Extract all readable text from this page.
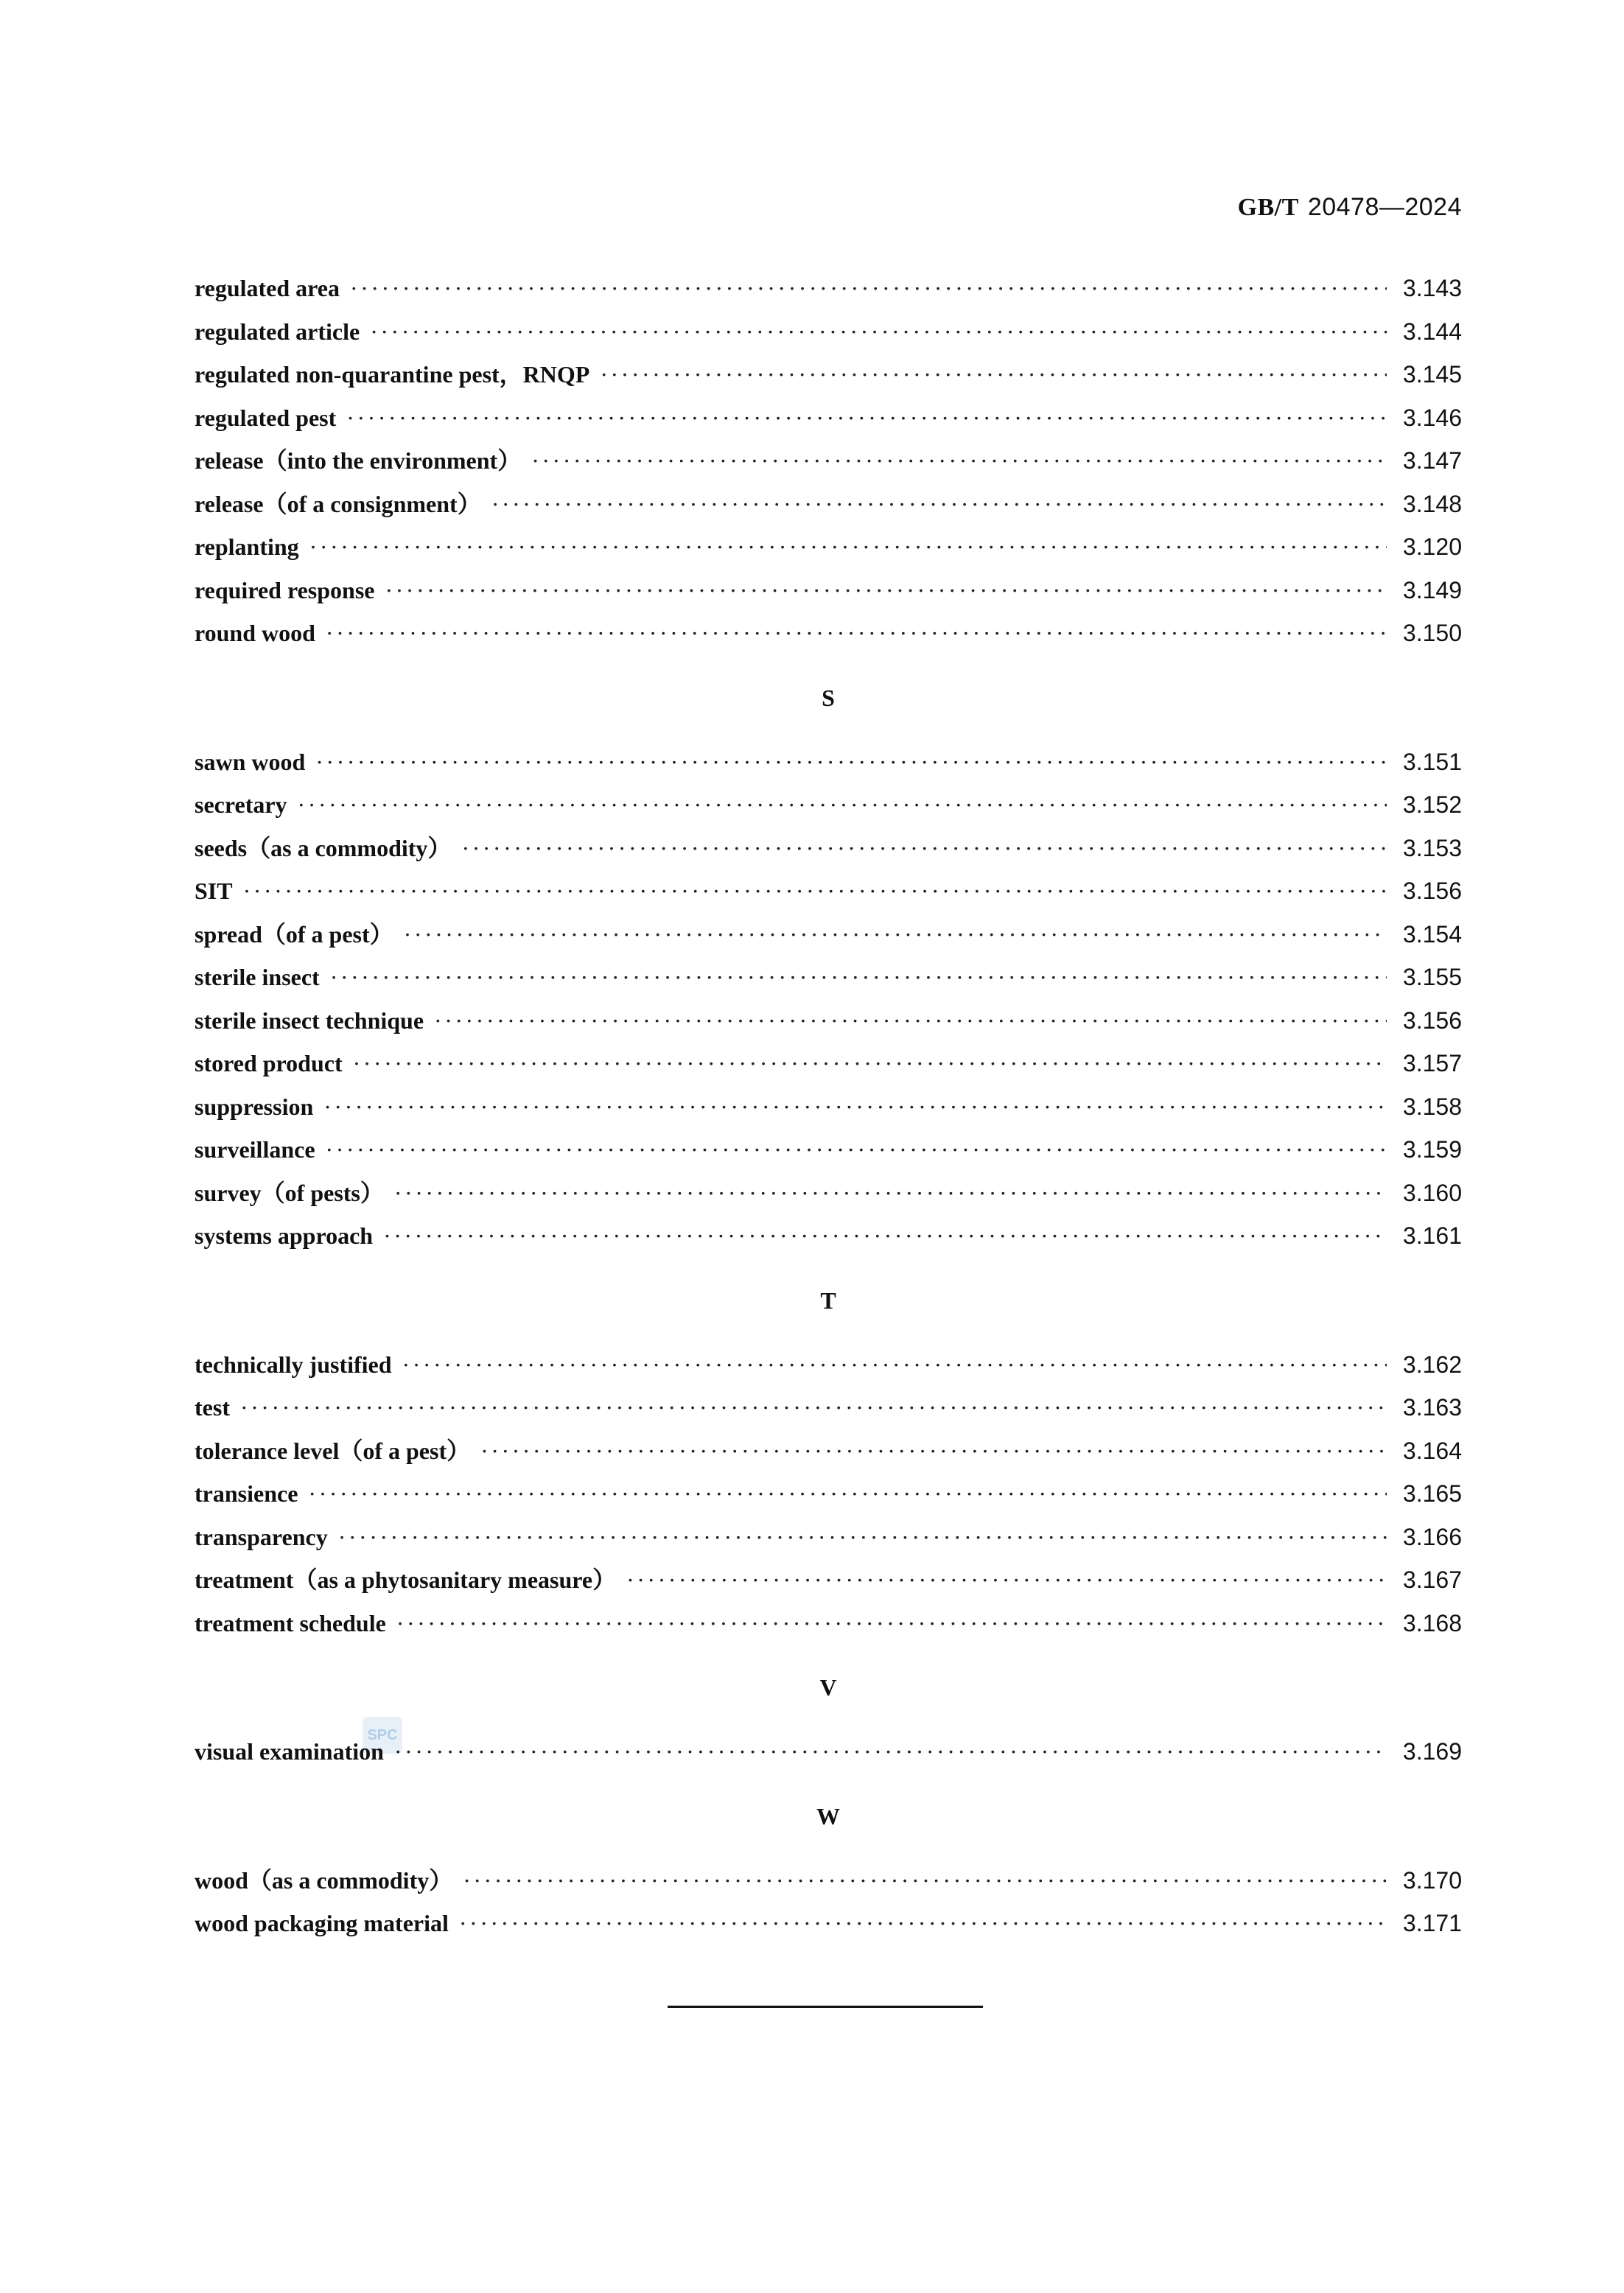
GB/T 20478—2024
SPC
regulated area ·····	3.143
regulated article ·····	3.144
regulated non-quarantine pest，RNQP ·····	3.145
regulated pest ·····	3.146
release（into the environment） ·····	3.147
release（of a consignment） ·····	3.148
replanting ·····	3.120
required response ·····	3.149
round wood ·····	3.150
S
sawn wood ·····	3.151
secretary ·····	3.152
seeds（as a commodity） ·····	3.153
SIT ·····	3.156
spread（of a pest） ·····	3.154
sterile insect ·····	3.155
sterile insect technique ·····	3.156
stored product ·····	3.157
suppression ·····	3.158
surveillance ·····	3.159
survey（of pests） ·····	3.160
systems approach ·····	3.161
T
technically justified ·····	3.162
test ·····	3.163
tolerance level（of a pest） ·····	3.164
transience ·····	3.165
transparency ·····	3.166
treatment（as a phytosanitary measure） ·····	3.167
treatment schedule ·····	3.168
V
visual examination ·····	3.169
W
wood（as a commodity） ·····	3.170
wood packaging material ·····	3.171
